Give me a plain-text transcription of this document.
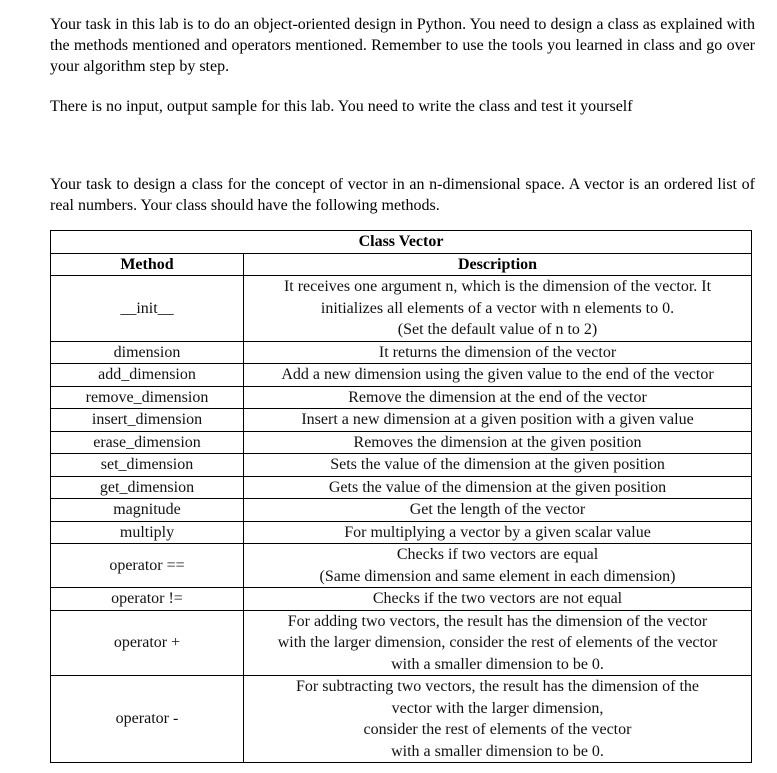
Your task in this lab is to do an object-oriented design in Python. You need to design a class as explained with the methods mentioned and operators mentioned. Remember to use the tools you learned in class and go over your algorithm step by step.

There is no input, output sample for this lab. You need to write the class and test it yourself

Your task to design a class for the concept of vector in an n-dimensional space. A vector is an ordered list of real numbers. Your class should have the following methods.

Class Vector	
Method	Description
__init__	It receives one argument n, which is the dimension of the vector. It
initializes all elements of a vector with n elements to 0.
(Set the default value of n to 2)

dimension	It returns the dimension of the vector

add_dimension	Add a new dimension using the given value to the end of the vector

remove_dimension	Remove the dimension at the end of the vector

insert_dimension	Insert a new dimension at a given position with a given value

erase_dimension	Removes the dimension at the given position

set_dimension	Sets the value of the dimension at the given position

get_dimension	Gets the value of the dimension at the given position

magnitude	Get the length of the vector

multiply	For multiplying a vector by a given scalar value

operator ==	Checks if two vectors are equal
(Same dimension and same element in each dimension)

operator !=	Checks if the two vectors are not equal

operator +	For adding two vectors, the result has the dimension of the vector
with the larger dimension, consider the rest of elements of the vector
with a smaller dimension to be 0.

operator -	For subtracting two vectors, the result has the dimension of the
vector with the larger dimension,
consider the rest of elements of the vector
with a smaller dimension to be 0.
